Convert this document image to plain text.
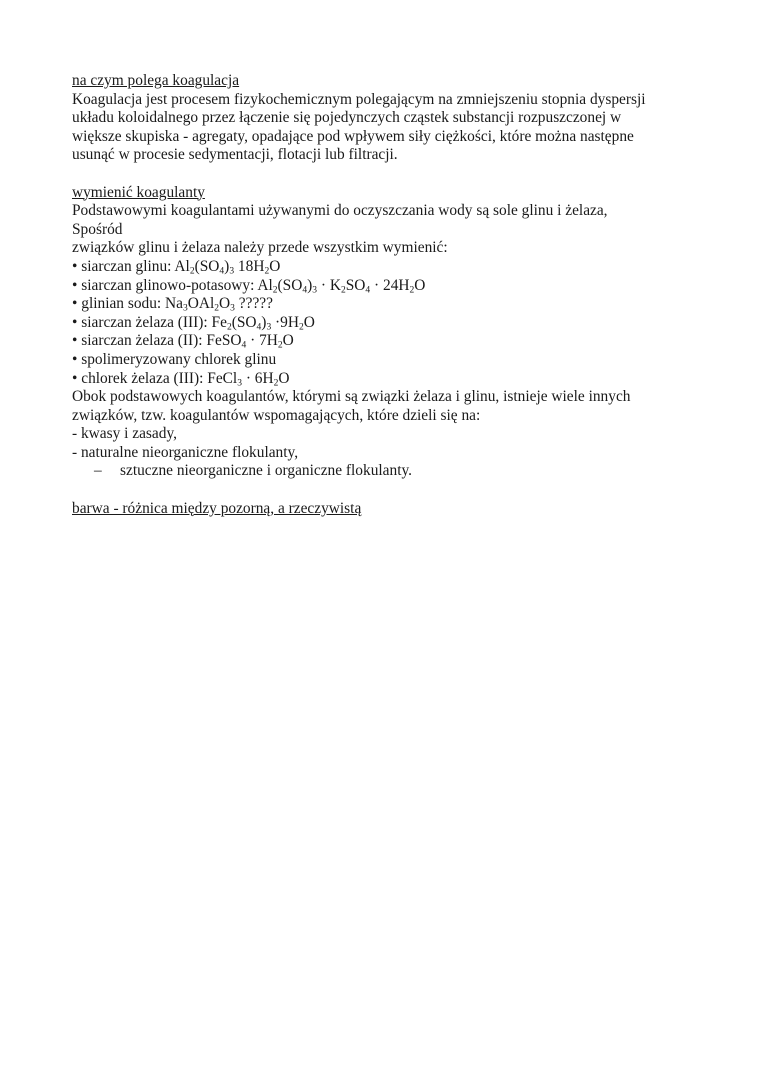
na czym polega koagulacja
Koagulacja jest procesem fizykochemicznym polegającym na zmniejszeniu stopnia dyspersji
układu koloidalnego przez łączenie się pojedynczych cząstek substancji rozpuszczonej w
większe skupiska - agregaty, opadające pod wpływem siły ciężkości, które można następne
usunąć w procesie sedymentacji, flotacji lub filtracji.
wymienić koagulanty
Podstawowymi koagulantami używanymi do oczyszczania wody są sole glinu i żelaza,
Spośród
związków glinu i żelaza należy przede wszystkim wymienić:
• siarczan glinu: $Al_2(SO_4)_3$ $18H_2O$
• siarczan glinowo-potasowy: $Al_2(SO_4)_3 \cdot K_2SO_4 \cdot 24H_2O$
• glinian sodu: $Na_3OAl_2O_3$ ?????
• siarczan żelaza (III): $Fe_2(SO_4)_3 \cdot 9H_2O$
• siarczan żelaza (II): FeSO$_4$ · $7H_2O$
• spolimeryzowany chlorek glinu
• chlorek żelaza (III): FeCl$_3$ · $6H_2O$
Obok podstawowych koagulantów, którymi są związki żelaza i glinu, istnieje wiele innych
związków, tzw. koagulantów wspomagających, które dzieli się na:
- kwasy i zasady,
- naturalne nieorganiczne flokulanty,
– sztuczne nieorganiczne i organiczne flokulanty.
barwa - różnica między pozorną, a rzeczywistą
